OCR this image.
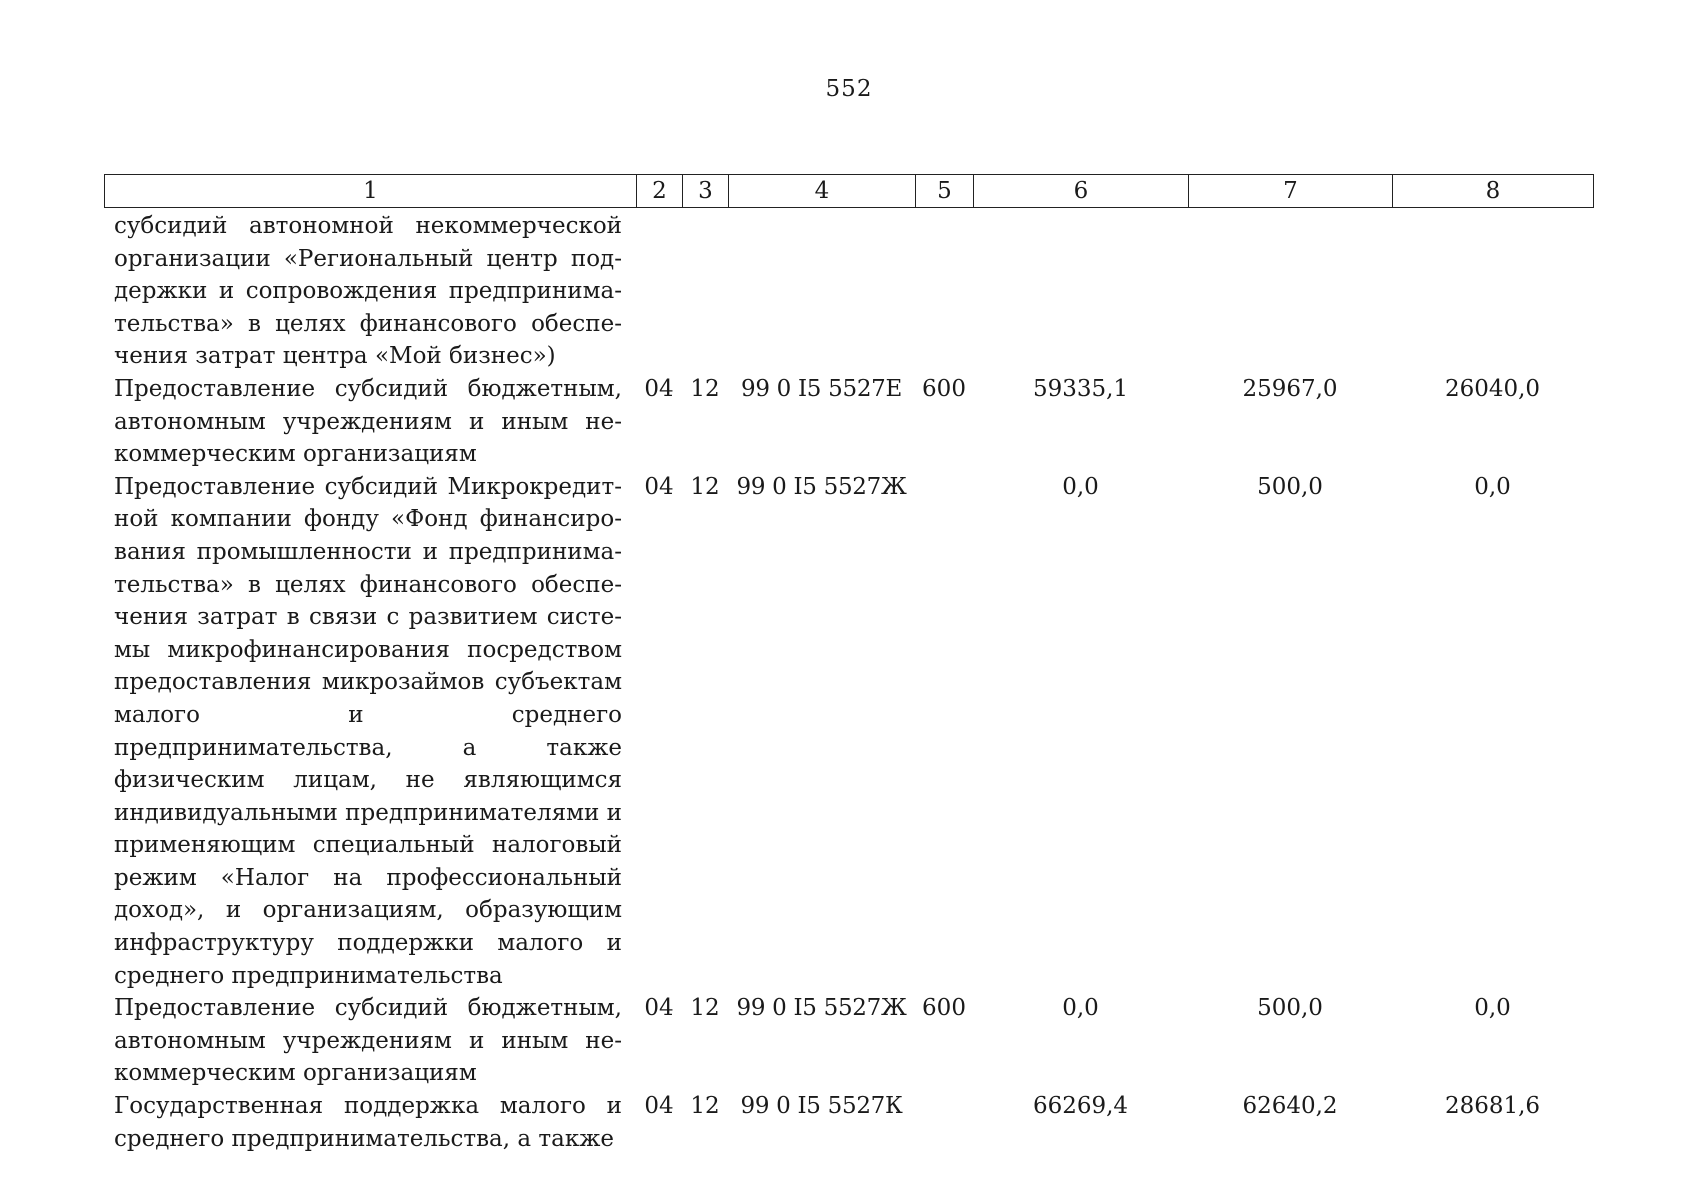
552
1	2	3	4	5	6	7	8
субсидий автономной некоммерческой организации «Региональный центр поддержки и сопровождения предпринимательства» в целях финансового обеспечения затрат центра «Мой бизнес»)							
Предоставление субсидий бюджетным, автономным учреждениям и иным некоммерческим организациям	04	12	99 0 I5 5527Е	600	59335,1	25967,0	26040,0
Предоставление субсидий Микрокредитной компании фонду «Фонд финансирования промышленности и предпринимательства» в целях финансового обеспечения затрат в связи с развитием системы микрофинансирования посредством предоставления микрозаймов субъектам малого и среднего предпринимательства, а также физическим лицам, не являющимся индивидуальными предпринимателями и применяющим специальный налоговый режим «Налог на профессиональный доход», и организациям, образующим инфраструктуру поддержки малого и среднего предпринимательства	04	12	99 0 I5 5527Ж		0,0	500,0	0,0
Предоставление субсидий бюджетным, автономным учреждениям и иным некоммерческим организациям	04	12	99 0 I5 5527Ж	600	0,0	500,0	0,0
Государственная поддержка малого и среднего предпринимательства, а также	04	12	99 0 I5 5527К		66269,4	62640,2	28681,6
